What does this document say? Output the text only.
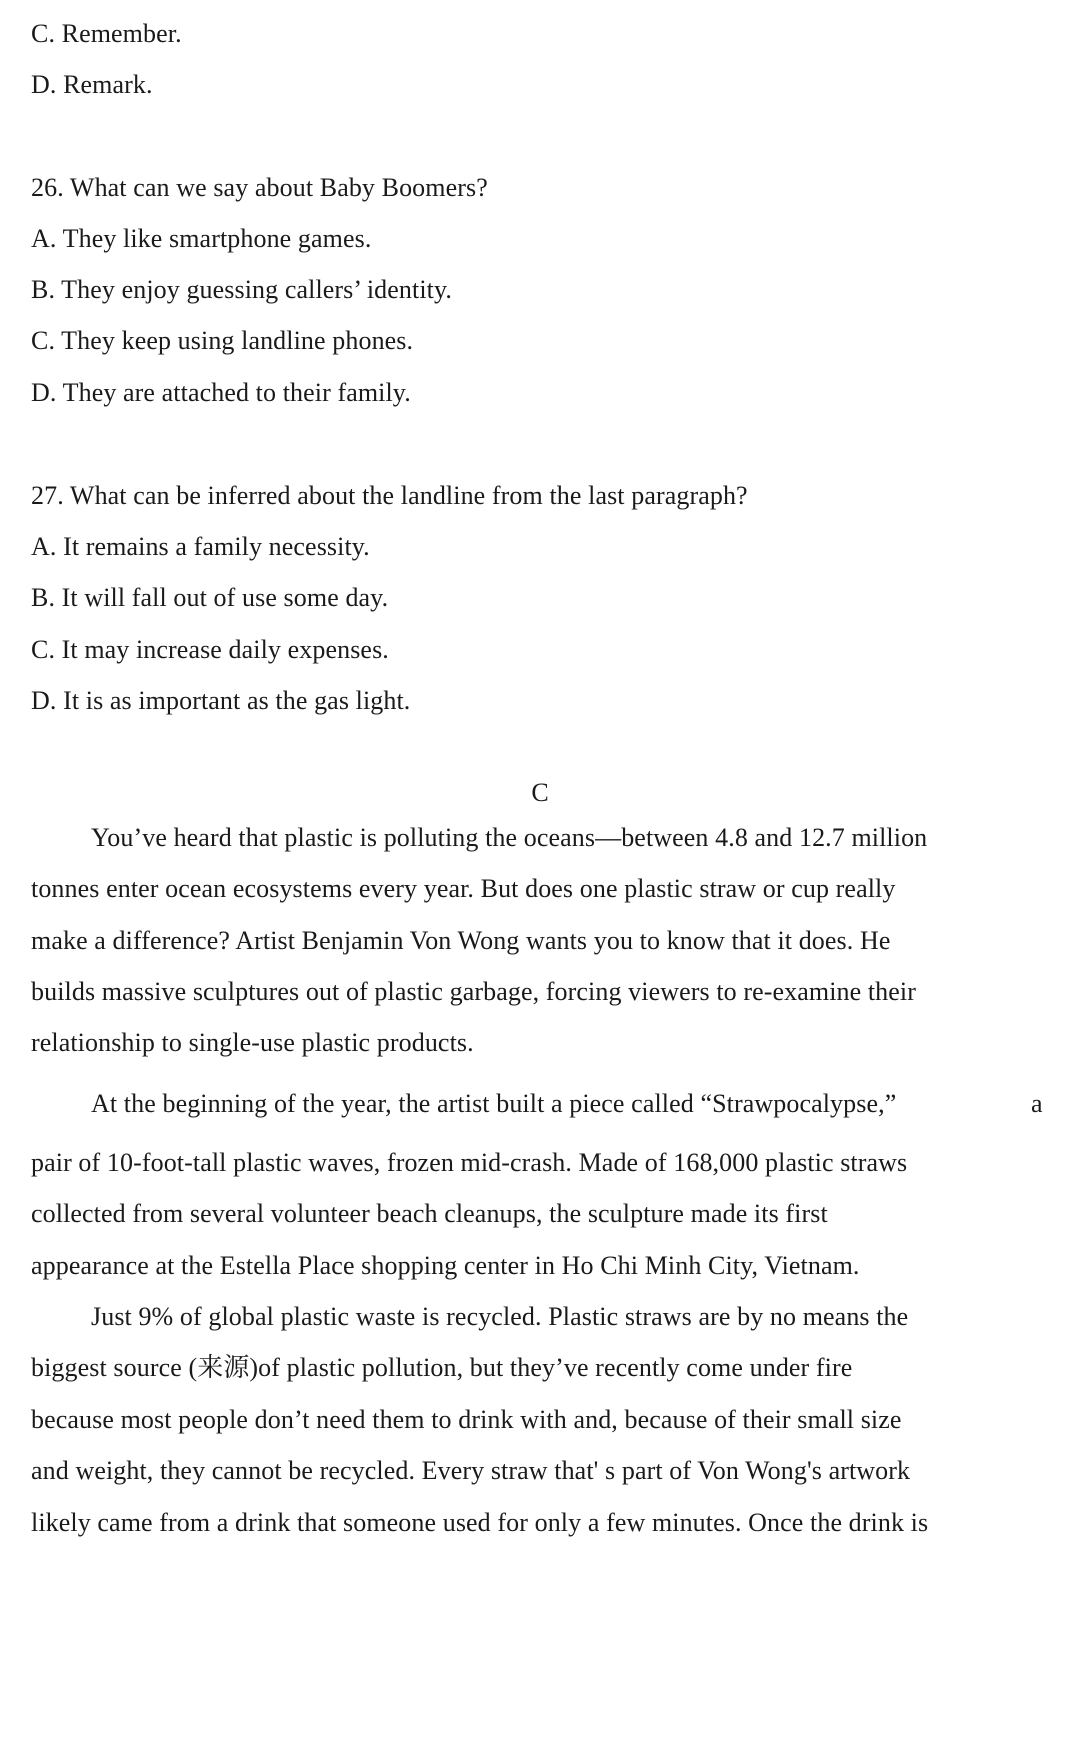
C. Remember.
D. Remark.
26. What can we say about Baby Boomers?
A. They like smartphone games.
B. They enjoy guessing callers’ identity.
C. They keep using landline phones.
D. They are attached to their family.
27. What can be inferred about the landline from the last paragraph?
A. It remains a family necessity.
B. It will fall out of use some day.
C. It may increase daily expenses.
D. It is as important as the gas light.
C
You’ve heard that plastic is polluting the oceans—between 4.8 and 12.7 million
tonnes enter ocean ecosystems every year. But does one plastic straw or cup really
make a difference? Artist Benjamin Von Wong wants you to know that it does. He
builds massive sculptures out of plastic garbage, forcing viewers to re-examine their
relationship to single-use plastic products.
At the beginning of the year, the artist built a piece called “Strawpocalypse,”	a
pair of 10-foot-tall plastic waves, frozen mid-crash. Made of 168,000 plastic straws
collected from several volunteer beach cleanups, the sculpture made its first
appearance at the Estella Place shopping center in Ho Chi Minh City, Vietnam.
Just 9% of global plastic waste is recycled. Plastic straws are by no means the
biggest source (来源)of plastic pollution, but they’ve recently come under fire
because most people don’t need them to drink with and, because of their small size
and weight, they cannot be recycled. Every straw that' s part of Von Wong's artwork
likely came from a drink that someone used for only a few minutes. Once the drink is
